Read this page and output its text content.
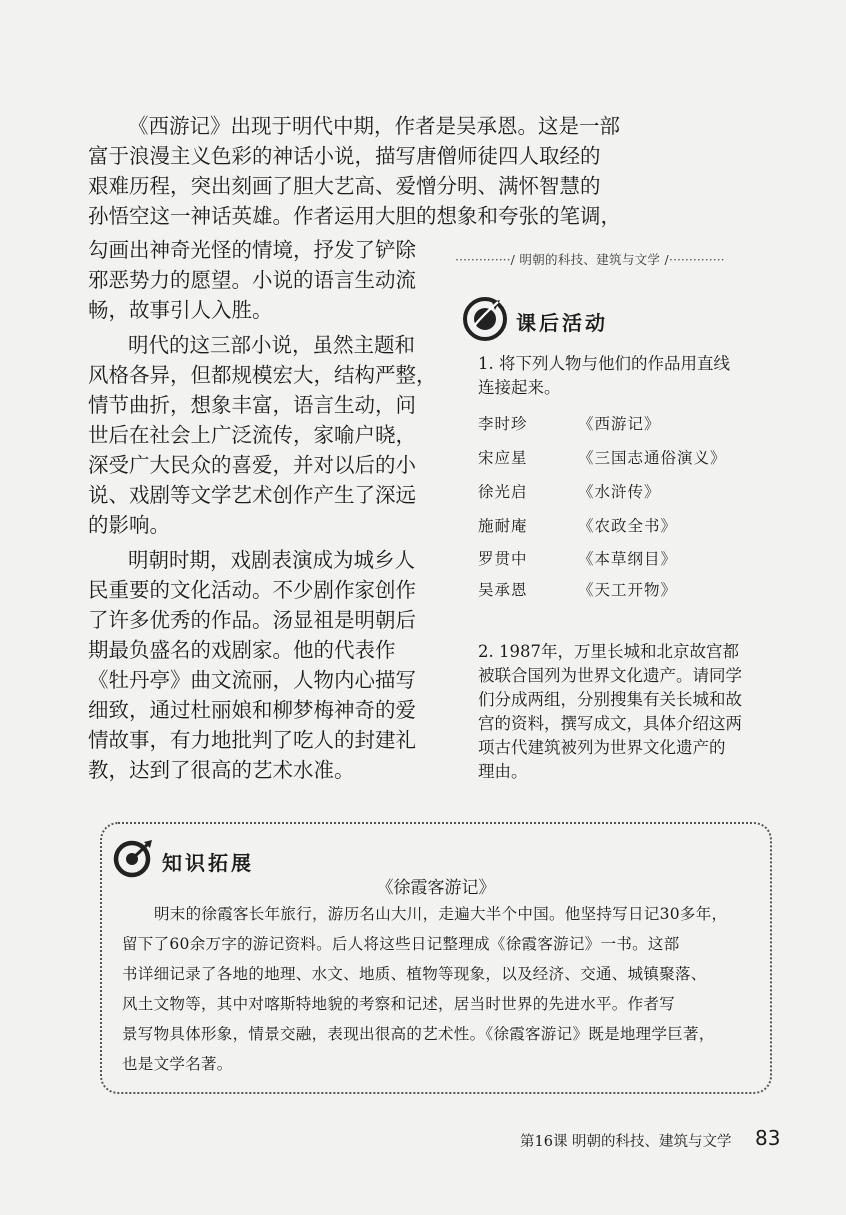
《西游记》出现于明代中期，作者是吴承恩。这是一部
富于浪漫主义色彩的神话小说，描写唐僧师徒四人取经的
艰难历程，突出刻画了胆大艺高、爱憎分明、满怀智慧的
孙悟空这一神话英雄。作者运用大胆的想象和夸张的笔调，
勾画出神奇光怪的情境，抒发了铲除
邪恶势力的愿望。小说的语言生动流
畅，故事引人入胜。
明代的这三部小说，虽然主题和
风格各异，但都规模宏大，结构严整，
情节曲折，想象丰富，语言生动，问
世后在社会上广泛流传，家喻户晓，
深受广大民众的喜爱，并对以后的小
说、戏剧等文学艺术创作产生了深远
的影响。
明朝时期，戏剧表演成为城乡人
民重要的文化活动。不少剧作家创作
了许多优秀的作品。汤显祖是明朝后
期最负盛名的戏剧家。他的代表作
《牡丹亭》曲文流丽，人物内心描写
细致，通过杜丽娘和柳梦梅神奇的爱
情故事，有力地批判了吃人的封建礼
教，达到了很高的艺术水准。
··············/ 明朝的科技、建筑与文学 /··············
课后活动
1. 将下列人物与他们的作品用直线
连接起来。
李时珍	《西游记》
宋应星	《三国志通俗演义》
徐光启	《水浒传》
施耐庵	《农政全书》
罗贯中	《本草纲目》
吴承恩	《天工开物》
2. 1987年，万里长城和北京故宫都
被联合国列为世界文化遗产。请同学
们分成两组，分别搜集有关长城和故
宫的资料，撰写成文，具体介绍这两
项古代建筑被列为世界文化遗产的
理由。
知识拓展
《徐霞客游记》
明末的徐霞客长年旅行，游历名山大川，走遍大半个中国。他坚持写日记30多年，
留下了60余万字的游记资料。后人将这些日记整理成《徐霞客游记》一书。这部
书详细记录了各地的地理、水文、地质、植物等现象，以及经济、交通、城镇聚落、
风土文物等，其中对喀斯特地貌的考察和记述，居当时世界的先进水平。作者写
景写物具体形象，情景交融，表现出很高的艺术性。《徐霞客游记》既是地理学巨著，
也是文学名著。
第16课 明朝的科技、建筑与文学 83
